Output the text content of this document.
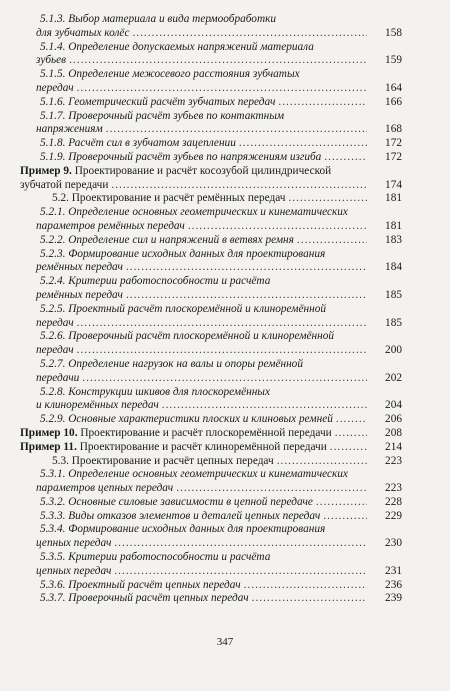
5.1.3. Выбор материала и вида термообработки
для зубчатых колёс .....	158
5.1.4. Определение допускаемых напряжений материала
зубьев .....	159
5.1.5. Определение межосевого расстояния зубчатых
передач .....	164
5.1.6. Геометрический расчёт зубчатых передач .....	166
5.1.7. Проверочный расчёт зубьев по контактным
напряжениям .....	168
5.1.8. Расчёт сил в зубчатом зацеплении .....	172
5.1.9. Проверочный расчёт зубьев по напряжениям изгиба .....	172
Пример 9. Проектирование и расчёт косозубой цилиндрической
зубчатой передачи .....	174
5.2. Проектирование и расчёт ремённых передач .....	181
5.2.1. Определение основных геометрических и кинематических
параметров ремённых передач .....	181
5.2.2. Определение сил и напряжений в ветвях ремня .....	183
5.2.3. Формирование исходных данных для проектирования
ремённых передач .....	184
5.2.4. Критерии работоспособности и расчёта
ремённых передач .....	185
5.2.5. Проектный расчёт плоскоремённой и клиноремённой
передач .....	185
5.2.6. Проверочный расчёт плоскоремённой и клиноремённой
передач .....	200
5.2.7. Определение нагрузок на валы и опоры ремённой
передачи .....	202
5.2.8. Конструкции шкивов для плоскоремённых
и клиноремённых передач .....	204
5.2.9. Основные характеристики плоских и клиновых ремней .....	206
Пример 10. Проектирование и расчёт плоскоремённой передачи .....	208
Пример 11. Проектирование и расчёт клиноремённой передачи .....	214
5.3. Проектирование и расчёт цепных передач .....	223
5.3.1. Определение основных геометрических и кинематических
параметров цепных передач .....	223
5.3.2. Основные силовые зависимости в цепной передаче .....	228
5.3.3. Виды отказов элементов и деталей цепных передач .....	229
5.3.4. Формирование исходных данных для проектирования
цепных передач .....	230
5.3.5. Критерии работоспособности и расчёта
цепных передач .....	231
5.3.6. Проектный расчёт цепных передач .....	236
5.3.7. Проверочный расчёт цепных передач .....	239
347
